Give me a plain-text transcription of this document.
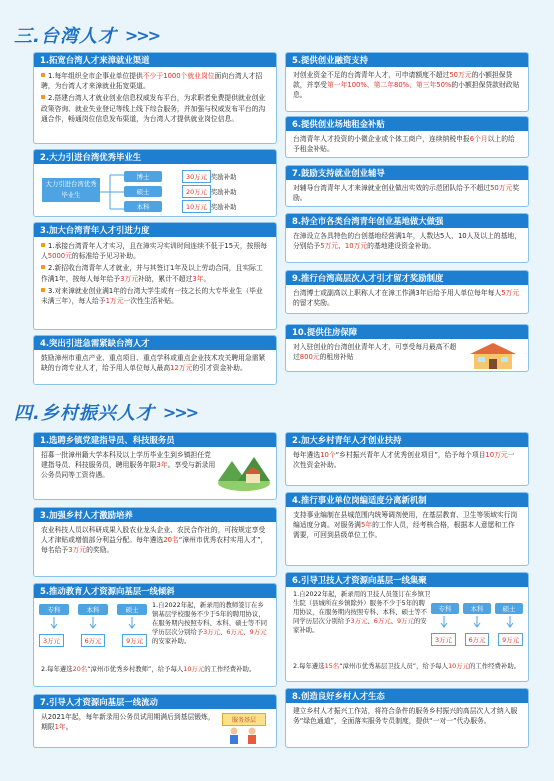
三.台湾人才 >>>
1.拓宽台湾人才来漳就业渠道
1.每年组织全市企事业单位提供不少于1000个就业岗位面向台湾人才招聘，为台湾人才来漳就业拓宽渠道。
2.搭建台湾人才就业创业信息权威发布平台，为求职者免费提供就业创业政策咨询、就业失业登记等线上线下综合服务，并加强与权威发布平台的沟通合作，畅通岗位信息发布渠道，为台湾人才提供就业岗位信息。
2.大力引进台湾优秀毕业生
大力引进台湾优秀毕业生
博士	30万元 奖励补助
硕士	20万元 奖励补助
本科	10万元 奖励补助
3.加大台湾青年人才引进力度
1.承接台湾青年人才实习，且在漳实习实训时间连续不低于15天，按照每人5000元的标准给予见习补助。
2.新招收台湾青年人才就业，并与其签订1年及以上劳动合同，且实际工作满1年，按每人每年给予3万元补助，累计不超过3年。
3.对来漳就业创业满1年的台湾大学生或有一技之长的大专毕业生（毕业未满三年），每人给予1万元一次性生活补贴。
4.突出引进急需紧缺台湾人才
鼓励漳州市重点产业、重点项目、重点学科或重点企业技术攻关聘用急需紧缺的台湾专业人才，给予用人单位每人最高12万元的引才资金补助。
5.提供创业融资支持
对创业资金不足的台湾青年人才，可申请额度不超过50万元的小额担保贷款，并享受第一年100%、第二年80%、第三年50%的小额担保贷款财政贴息。
6.提供创业场地租金补贴
台湾青年人才投资的小微企业或个体工商户，连续纳税申报6个月以上的给予租金补贴。
7.鼓励支持就业创业辅导
对辅导台湾青年人才来漳就业创业做出实效的示范团队给予不超过50万元奖励。
8.持全市各类台湾青年创业基地做大做强
在漳设立各具特色的台创基地经营满1年，人数达5人、10人及以上的基地，分别给予5万元、10万元的基地建设资金补助。
9.推行台湾高层次人才引才留才奖励制度
台湾博士或副高以上职称人才在漳工作满3年后给予用人单位每年每人5万元的留才奖励。
10.提供住房保障
对入驻创业的台湾创业青年人才，可享受每月最高不超过800元的租房补贴
四.乡村振兴人才 >>>
1.选聘乡镇党建指导员、科技服务员
招募一批漳州籍大学本科及以上学历毕业生到乡镇担任党建指导员、科技服务员，聘用服务年限3年。享受与新录用公务员同等工资待遇。
3.加强乡村人才激励培养
农业科技人员以科研成果入股农业龙头企业、农民合作社的，可按规定享受人才津贴或增值部分利益分配。每年遴选20名“漳州市优秀农村实用人才”，每名给予3万元的奖励。
5.推动教育人才资源向基层一线倾斜
专科	本科	硕士
3万元	6万元	9万元
1.自2022年起，新录用的教师签订在乡镇基层学校服务不少于5年的聘用协议，在服务期内按照专科、本科、硕士等不同学历层次分别给予3万元、6万元、9万元的安家补助。
2.每年遴选20名“漳州市优秀乡村教师”，给予每人10万元的工作经费补助。
7.引导人才资源向基层一线流动
从2021年起，每年新录用公务员试用期满后到基层锻炼，期限1年。
服务基层
2.加大乡村青年人才创业扶持
每年遴选10个“乡村振兴青年人才优秀创业项目”，给予每个项目10万元一次性资金补助。
4.推行事业单位岗编适度分离新机制
支持事业编制在县城范围内统筹调剂使用，在基层教育、卫生等领域实行岗编适度分离。对服务满5年的工作人员，经考核合格，根据本人意愿和工作需要，可回到县级单位工作。
6.引导卫技人才资源向基层一线集聚
1.自2022年起，新录用的卫技人员签订在乡镇卫生院（县城所在乡镇除外）服务不少于5年的聘用协议，在服务期内按照专科、本科、硕士等不同学历层次分别给予3万元、6万元、9万元的安家补助。
专科	本科	硕士
3万元	6万元	9万元
2.每年遴选15名“漳州市优秀基层卫技人员”，给予每人10万元的工作经费补助。
8.创造良好乡村人才生态
建立乡村人才振兴工作站，将符合条件的服务乡村振兴的高层次人才纳入服务“绿色通道”，全面落实服务专员制度，提供“一对一”代办服务。
